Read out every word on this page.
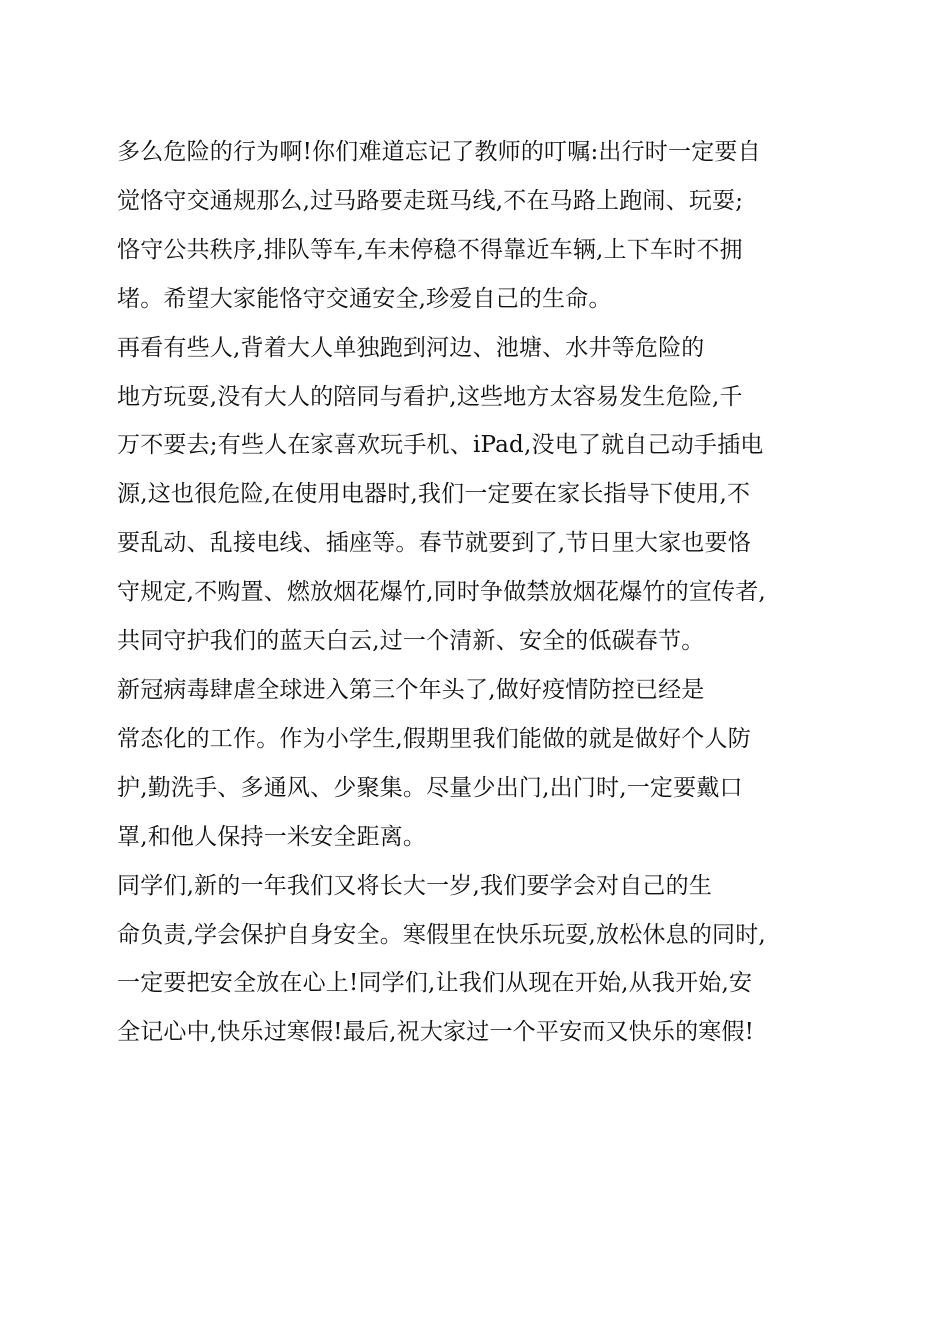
多么危险的行为啊!你们难道忘记了教师的叮嘱:出行时一定要自
觉恪守交通规那么,过马路要走斑马线,不在马路上跑闹、玩耍;
恪守公共秩序,排队等车,车未停稳不得靠近车辆,上下车时不拥
堵。希望大家能恪守交通安全,珍爱自己的生命。

再看有些人,背着大人单独跑到河边、池塘、水井等危险的
地方玩耍,没有大人的陪同与看护,这些地方太容易发生危险,千
万不要去;有些人在家喜欢玩手机、iPad,没电了就自己动手插电
源,这也很危险,在使用电器时,我们一定要在家长指导下使用,不
要乱动、乱接电线、插座等。春节就要到了,节日里大家也要恪
守规定,不购置、燃放烟花爆竹,同时争做禁放烟花爆竹的宣传者,
共同守护我们的蓝天白云,过一个清新、安全的低碳春节。

新冠病毒肆虐全球进入第三个年头了,做好疫情防控已经是
常态化的工作。作为小学生,假期里我们能做的就是做好个人防
护,勤洗手、多通风、少聚集。尽量少出门,出门时,一定要戴口
罩,和他人保持一米安全距离。

同学们,新的一年我们又将长大一岁,我们要学会对自己的生
命负责,学会保护自身安全。寒假里在快乐玩耍,放松休息的同时,
一定要把安全放在心上!同学们,让我们从现在开始,从我开始,安
全记心中,快乐过寒假!最后,祝大家过一个平安而又快乐的寒假!
